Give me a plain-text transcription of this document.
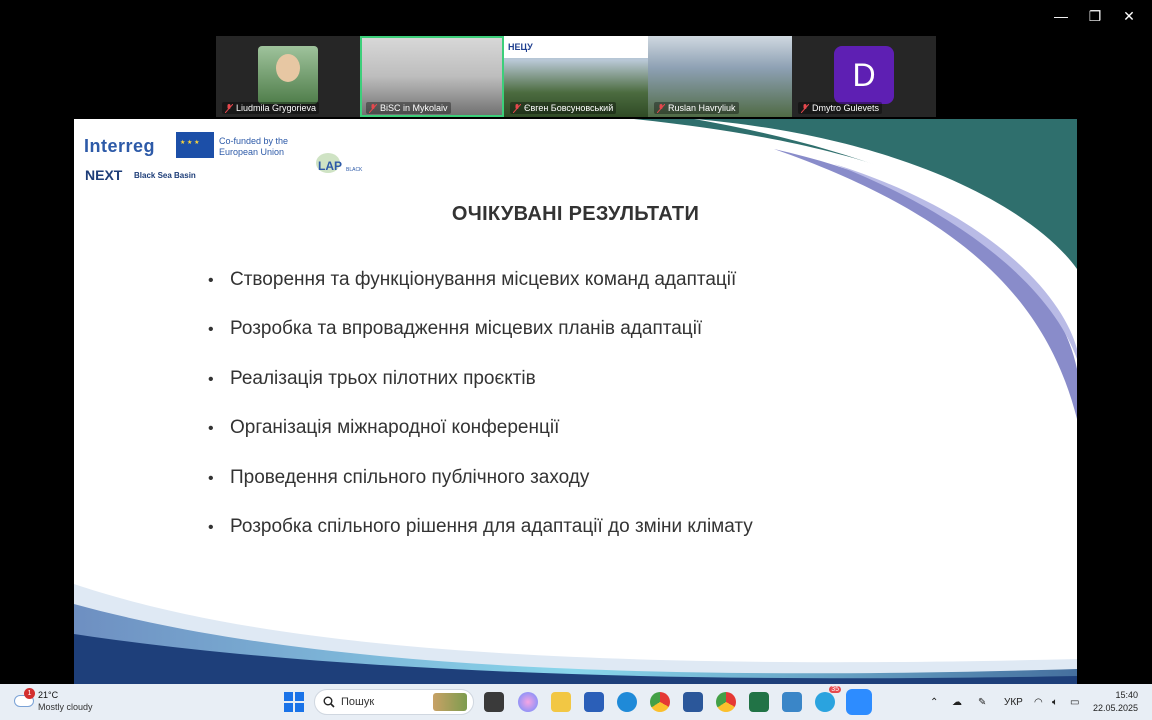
—	❐	✕
Liudmila Grygorieva	BiSC in Mykolaiv
НЕЦУ
Євген Бовсуновський	Ruslan Havryliuk
D
Dmytro Gulevets
Interreg
★ ★ ★	Co-funded by the European Union
NEXT Black Sea Basin
LAP BLACK
ОЧІКУВАНІ РЕЗУЛЬТАТИ
• Створення та функціонування місцевих команд адаптації
• Розробка та впровадження місцевих планів адаптації
• Реалізація трьох пілотних проєктів
• Організація міжнародної конференції
• Проведення спільного публічного заходу
• Розробка спільного рішення для адаптації до зміни клімату
1 21°C
Mostly cloudy	Пошук
35
⌃ ☁ ✎ УКР ◠ 🔈︎ ▭
15:40
22.05.2025
